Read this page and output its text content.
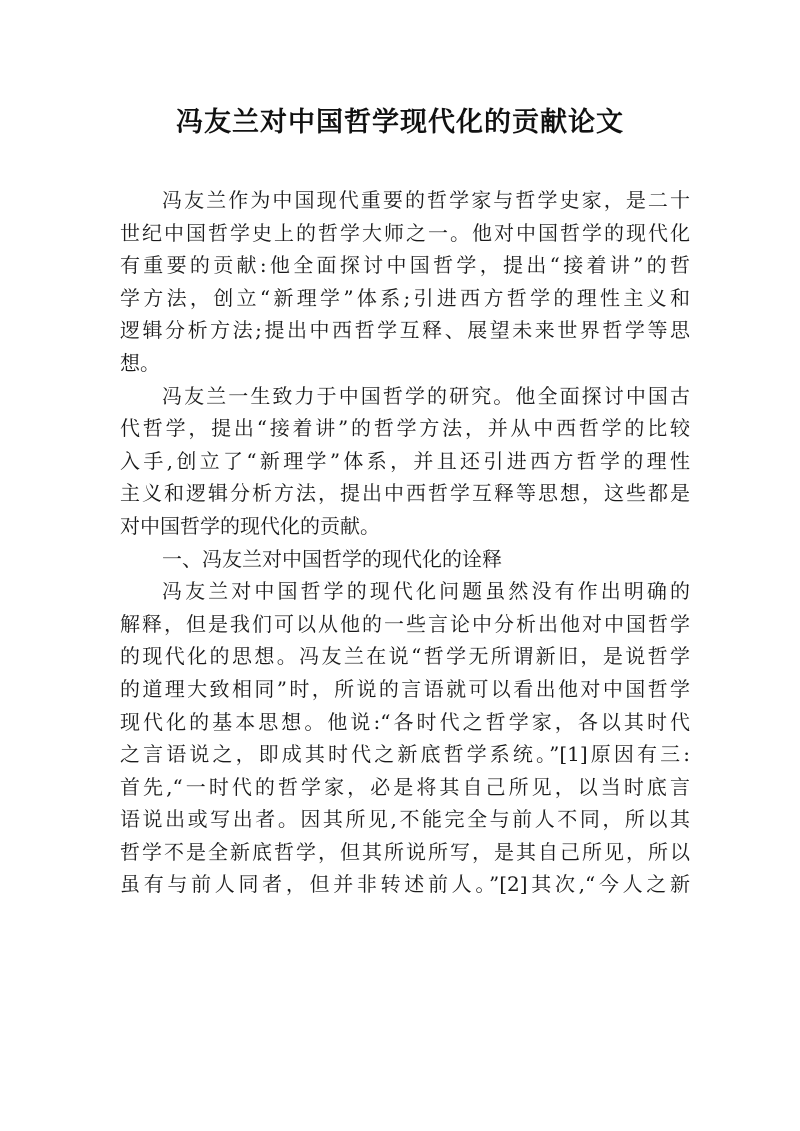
冯友兰对中国哲学现代化的贡献论文
冯友兰作为中国现代重要的哲学家与哲学史家，是二十
世纪中国哲学史上的哲学大师之一。他对中国哲学的现代化
有重要的贡献:他全面探讨中国哲学，提出“接着讲”的哲
学方法，创立“新理学”体系;引进西方哲学的理性主义和
逻辑分析方法;提出中西哲学互释、展望未来世界哲学等思
想。
冯友兰一生致力于中国哲学的研究。他全面探讨中国古
代哲学，提出“接着讲”的哲学方法，并从中西哲学的比较
入手,创立了“新理学”体系，并且还引进西方哲学的理性
主义和逻辑分析方法，提出中西哲学互释等思想，这些都是
对中国哲学的现代化的贡献。
一、冯友兰对中国哲学的现代化的诠释
冯友兰对中国哲学的现代化问题虽然没有作出明确的
解释，但是我们可以从他的一些言论中分析出他对中国哲学
的现代化的思想。冯友兰在说“哲学无所谓新旧，是说哲学
的道理大致相同”时，所说的言语就可以看出他对中国哲学
现代化的基本思想。他说:“各时代之哲学家，各以其时代
之言语说之，即成其时代之新底哲学系统。”[1]原因有三:
首先,“一时代的哲学家，必是将其自己所见，以当时底言
语说出或写出者。因其所见,不能完全与前人不同，所以其
哲学不是全新底哲学，但其所说所写，是其自己所见，所以
虽有与前人同者，但并非转述前人。”[2]其次,“今人之新
